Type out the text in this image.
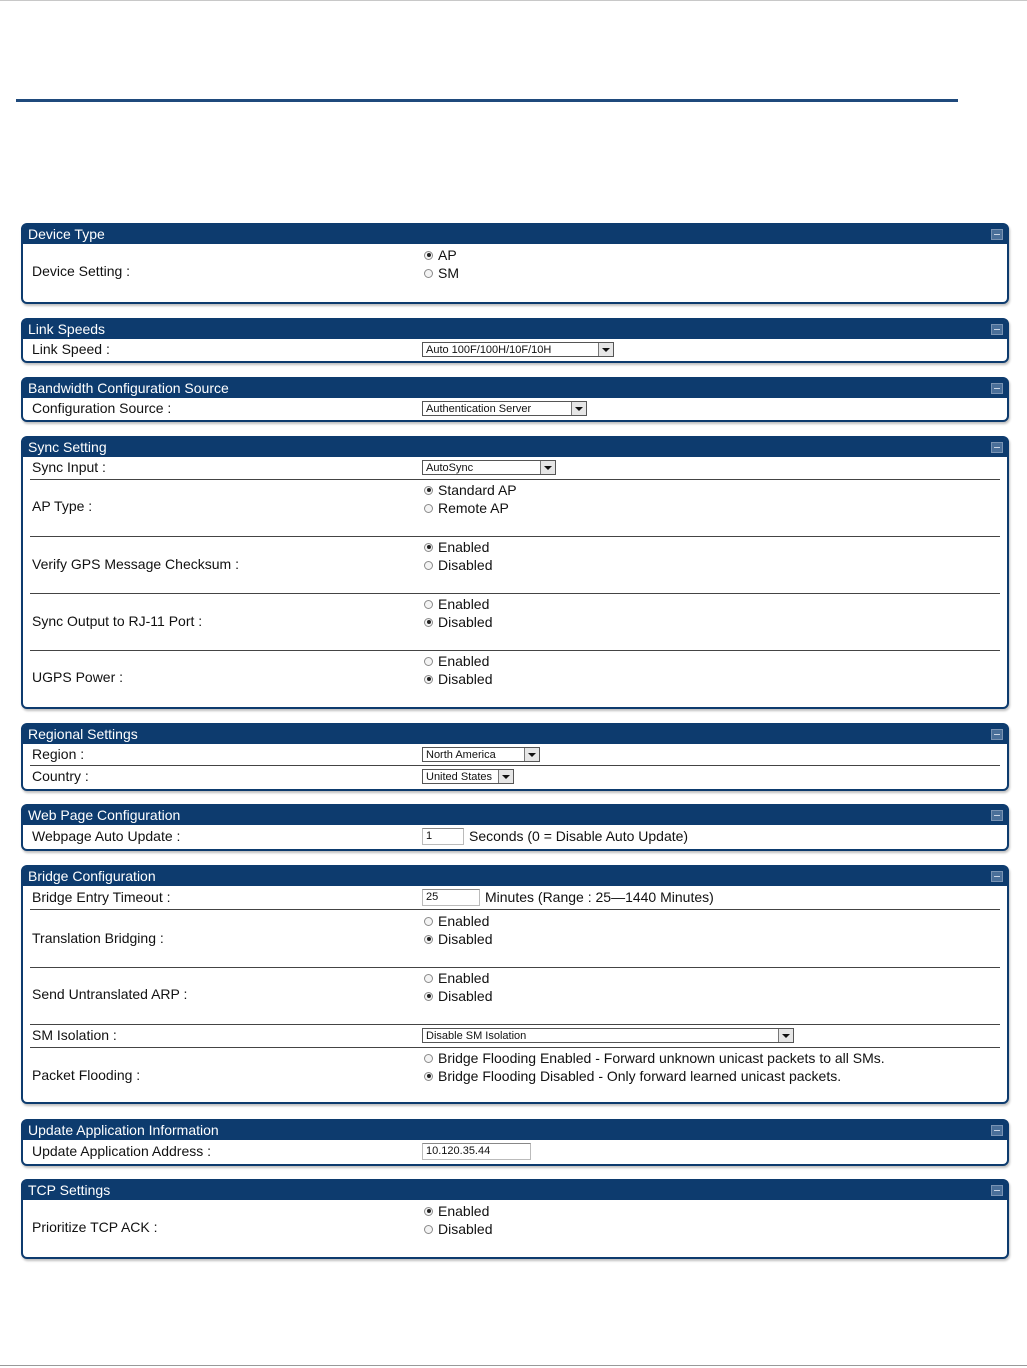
Device Type
Device Setting :
AP
SM
Link Speeds
Link Speed :	Auto 100F/100H/10F/10H
Bandwidth Configuration Source
Configuration Source :	Authentication Server
Sync Setting
Sync Input :	AutoSync
AP Type :
Standard AP
Remote AP
Verify GPS Message Checksum :
Enabled
Disabled
Sync Output to RJ-11 Port :
Enabled
Disabled
UGPS Power :
Enabled
Disabled
Regional Settings
Region :	North America
Country :	United States
Web Page Configuration
Webpage Auto Update :	1	Seconds (0 = Disable Auto Update)
Bridge Configuration
Bridge Entry Timeout :	25	Minutes (Range : 25—1440 Minutes)
Translation Bridging :
Enabled
Disabled
Send Untranslated ARP :
Enabled
Disabled
SM Isolation :	Disable SM Isolation
Packet Flooding :
Bridge Flooding Enabled - Forward unknown unicast packets to all SMs.
Bridge Flooding Disabled - Only forward learned unicast packets.
Update Application Information
Update Application Address :	10.120.35.44
TCP Settings
Prioritize TCP ACK :
Enabled
Disabled
